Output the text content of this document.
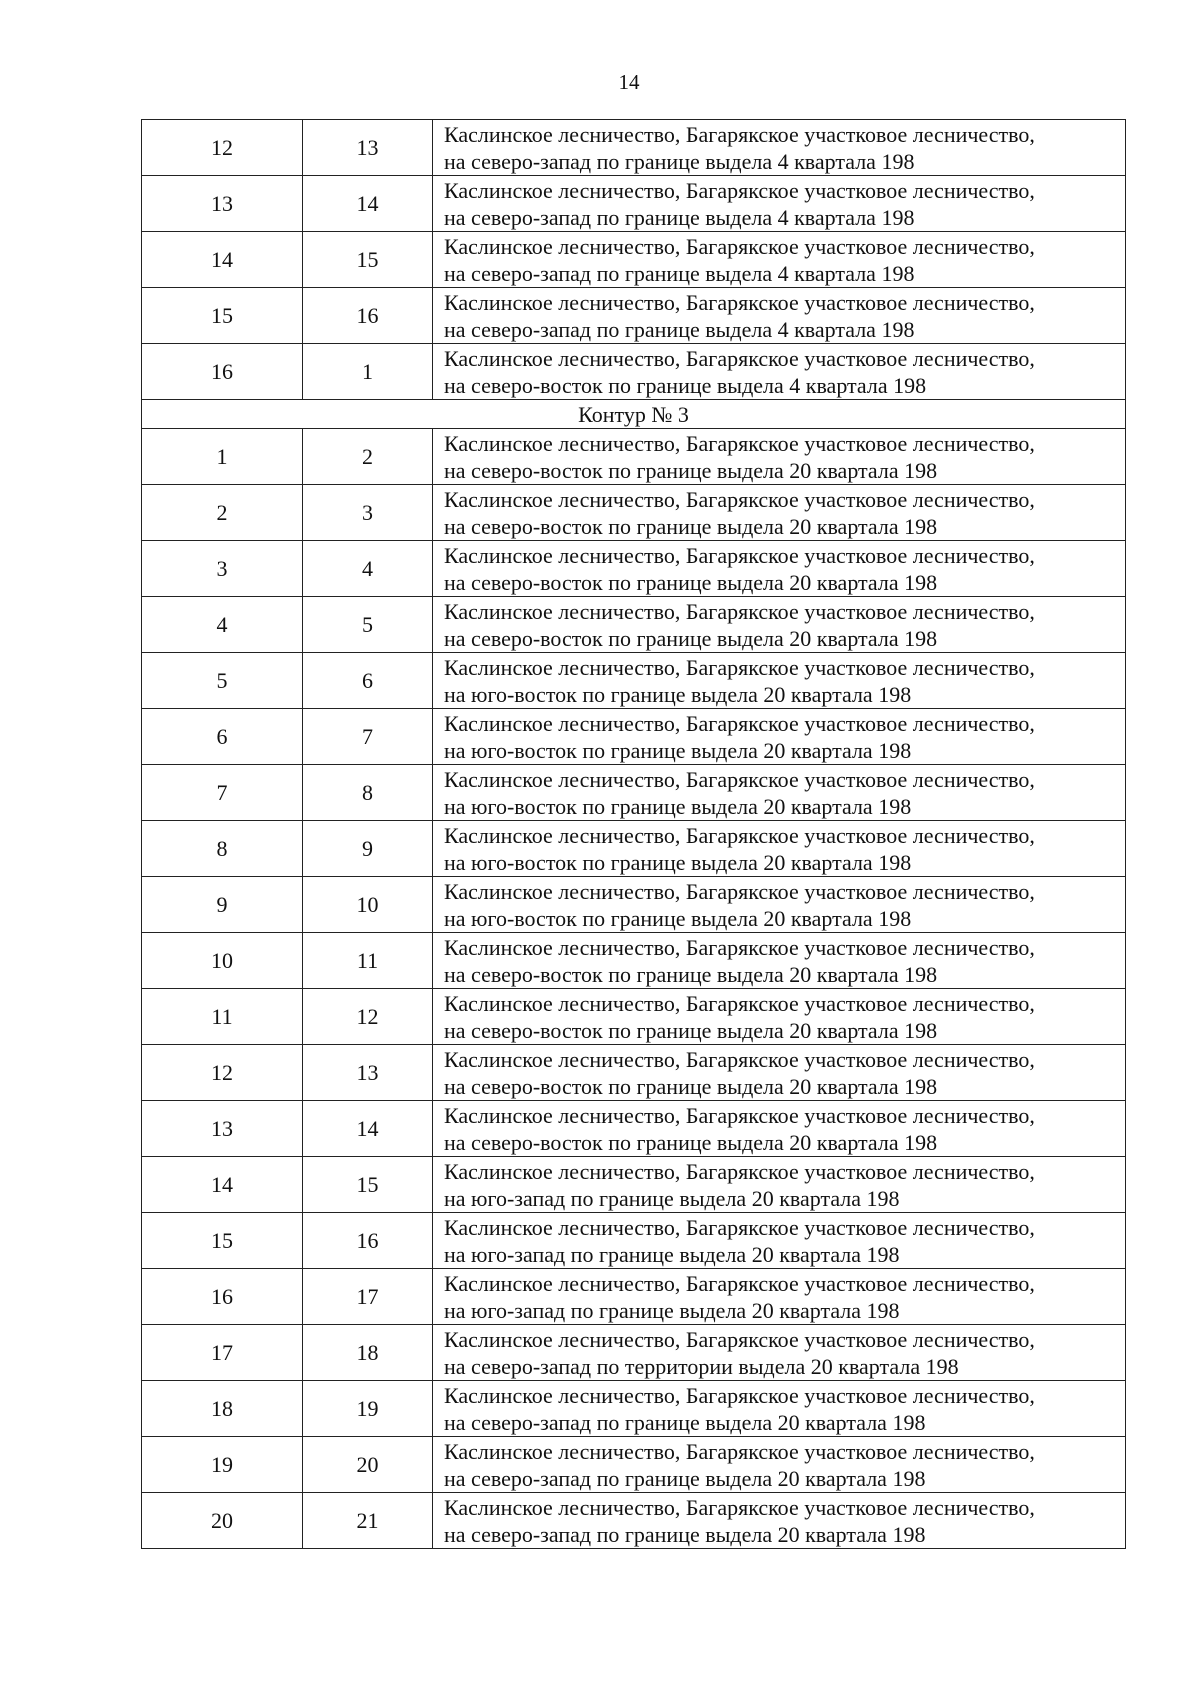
14
12	13	Каслинское лесничество, Багарякское участковое лесничество,
на северо-запад по границе выдела 4 квартала 198

13	14	Каслинское лесничество, Багарякское участковое лесничество,
на северо-запад по границе выдела 4 квартала 198

14	15	Каслинское лесничество, Багарякское участковое лесничество,
на северо-запад по границе выдела 4 квартала 198

15	16	Каслинское лесничество, Багарякское участковое лесничество,
на северо-запад по границе выдела 4 квартала 198

16	1	Каслинское лесничество, Багарякское участковое лесничество,
на северо-восток по границе выдела 4 квартала 198

Контур № 3		
1	2	Каслинское лесничество, Багарякское участковое лесничество,
на северо-восток по границе выдела 20 квартала 198

2	3	Каслинское лесничество, Багарякское участковое лесничество,
на северо-восток по границе выдела 20 квартала 198

3	4	Каслинское лесничество, Багарякское участковое лесничество,
на северо-восток по границе выдела 20 квартала 198

4	5	Каслинское лесничество, Багарякское участковое лесничество,
на северо-восток по границе выдела 20 квартала 198

5	6	Каслинское лесничество, Багарякское участковое лесничество,
на юго-восток по границе выдела 20 квартала 198

6	7	Каслинское лесничество, Багарякское участковое лесничество,
на юго-восток по границе выдела 20 квартала 198

7	8	Каслинское лесничество, Багарякское участковое лесничество,
на юго-восток по границе выдела 20 квартала 198

8	9	Каслинское лесничество, Багарякское участковое лесничество,
на юго-восток по границе выдела 20 квартала 198

9	10	Каслинское лесничество, Багарякское участковое лесничество,
на юго-восток по границе выдела 20 квартала 198

10	11	Каслинское лесничество, Багарякское участковое лесничество,
на северо-восток по границе выдела 20 квартала 198

11	12	Каслинское лесничество, Багарякское участковое лесничество,
на северо-восток по границе выдела 20 квартала 198

12	13	Каслинское лесничество, Багарякское участковое лесничество,
на северо-восток по границе выдела 20 квартала 198

13	14	Каслинское лесничество, Багарякское участковое лесничество,
на северо-восток по границе выдела 20 квартала 198

14	15	Каслинское лесничество, Багарякское участковое лесничество,
на юго-запад по границе выдела 20 квартала 198

15	16	Каслинское лесничество, Багарякское участковое лесничество,
на юго-запад по границе выдела 20 квартала 198

16	17	Каслинское лесничество, Багарякское участковое лесничество,
на юго-запад по границе выдела 20 квартала 198

17	18	Каслинское лесничество, Багарякское участковое лесничество,
на северо-запад по территории выдела 20 квартала 198

18	19	Каслинское лесничество, Багарякское участковое лесничество,
на северо-запад по границе выдела 20 квартала 198

19	20	Каслинское лесничество, Багарякское участковое лесничество,
на северо-запад по границе выдела 20 квартала 198

20	21	Каслинское лесничество, Багарякское участковое лесничество,
на северо-запад по границе выдела 20 квартала 198
